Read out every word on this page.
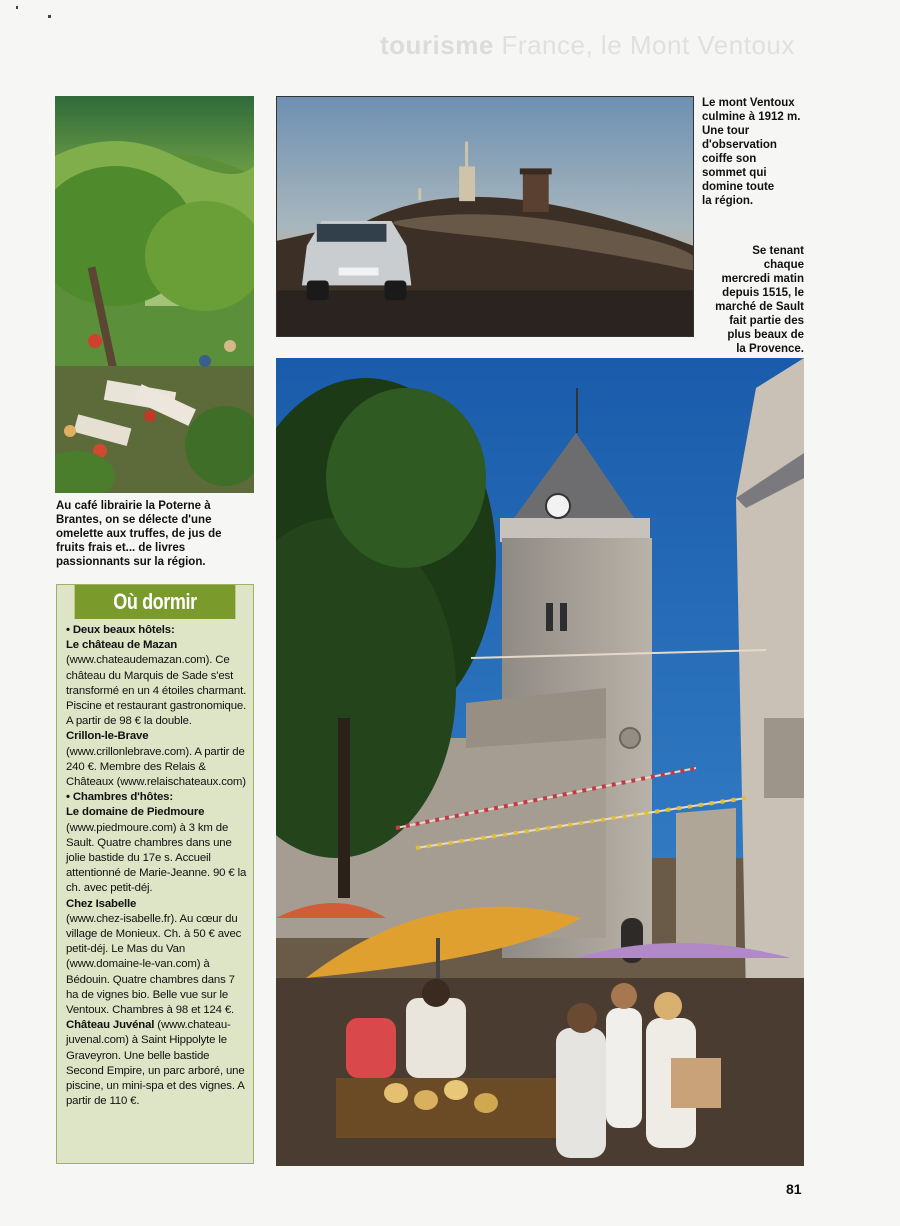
tourisme France, le Mont Ventoux
Le mont Ventoux
culmine à 1912 m.
Une tour
d'observation
coiffe son
sommet qui
domine toute
la région.
Se tenant
chaque
mercredi matin
depuis 1515, le
marché de Sault
fait partie des
plus beaux de
la Provence.
Au café librairie la Poterne à
Brantes, on se délecte d'une
omelette aux truffes, de jus de
fruits frais et... de livres
passionnants sur la région.
Où dormir

• Deux beaux hôtels:

Le château de Mazan
(www.chateaudemazan.com). Ce château du Marquis de Sade s'est transformé en un 4 étoiles charmant. Piscine et restaurant gastronomique. A partir de 98 € la double.

Crillon-le-Brave
(www.crillonlebrave.com). A partir de 240 €. Membre des Relais & Châteaux (www.relaischateaux.com)

• Chambres d'hôtes:

Le domaine de Piedmoure
(www.piedmoure.com) à 3 km de Sault. Quatre chambres dans une jolie bastide du 17e s. Accueil attentionné de Marie-Jeanne. 90 € la ch. avec petit-déj.

Chez Isabelle
(www.chez-isabelle.fr). Au cœur du village de Monieux. Ch. à 50 € avec petit-déj. Le Mas du Van (www.domaine-le-van.com) à Bédouin. Quatre chambres dans 7 ha de vignes bio. Belle vue sur le Ventoux. Chambres à 98 et 124 €.

Château Juvénal (www.chateau-juvenal.com) à Saint Hippolyte le Graveyron. Une belle bastide Second Empire, un parc arboré, une piscine, un mini-spa et des vignes. A partir de 110 €.

81
